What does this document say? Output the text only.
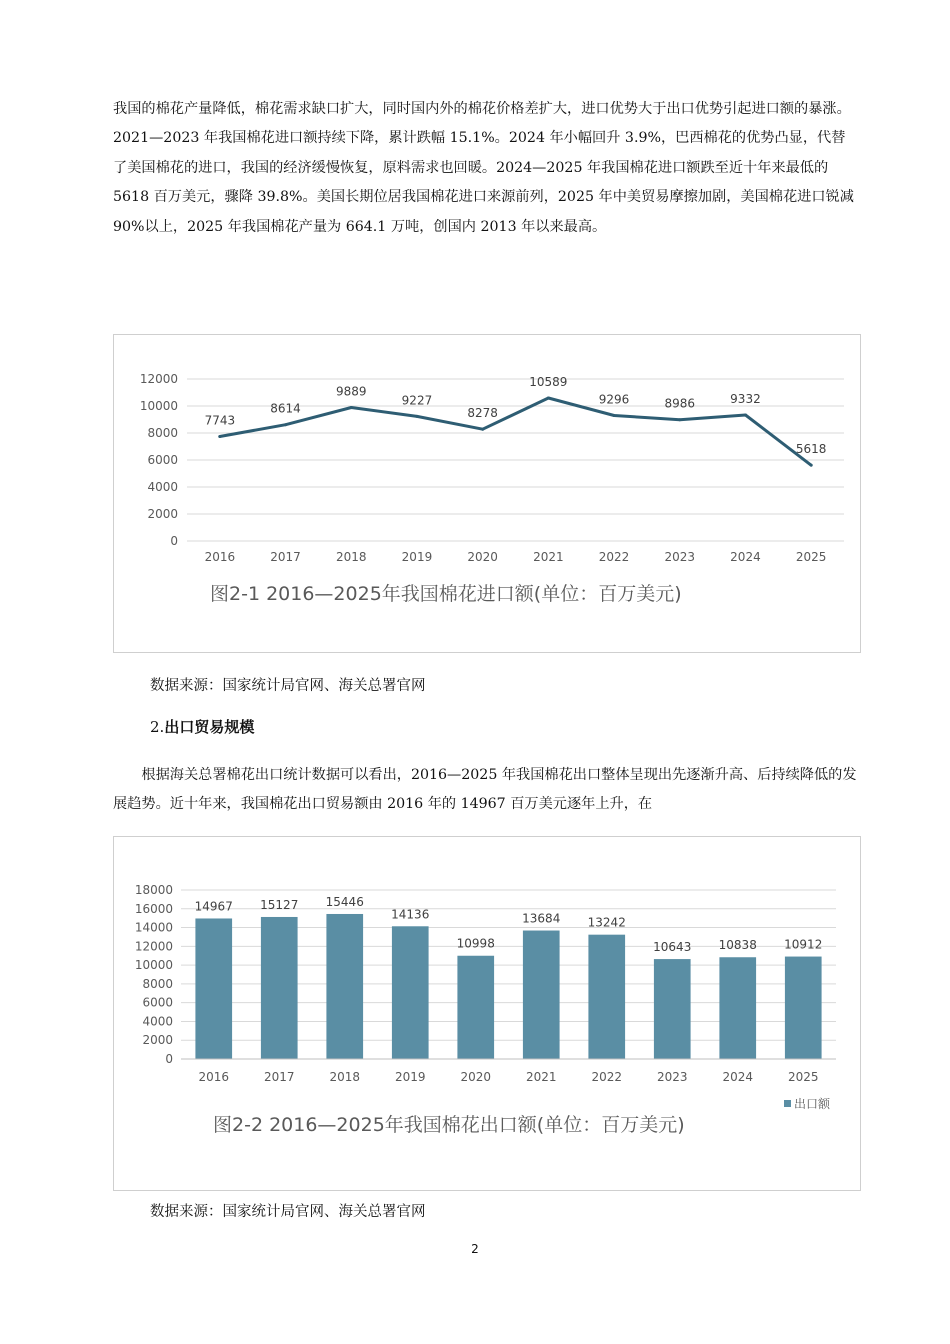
我国的棉花产量降低，棉花需求缺口扩大，同时国内外的棉花价格差扩大，进口优势大于出口优势引起进口额的暴涨。2021—2023 年我国棉花进口额持续下降，累计跌幅 15.1%。2024 年小幅回升 3.9%，巴西棉花的优势凸显，代替了美国棉花的进口，我国的经济缓慢恢复，原料需求也回暖。2024—2025 年我国棉花进口额跌至近十年来最低的 5618 百万美元，骤降 39.8%。美国长期位居我国棉花进口来源前列，2025 年中美贸易摩擦加剧，美国棉花进口锐减 90%以上，2025 年我国棉花产量为 664.1 万吨，创国内 2013 年以来最高。

0
2000
4000
6000
8000
10000
12000
7743
8614
9889
9227
8278
10589
9296	8986	9332
5618
2016	2017	2018	2019	2020	2021	2022	2023	2024	2025
图2-1 2016—2025年我国棉花进口额(单位：百万美元)
数据来源：国家统计局官网、海关总署官网
2.出口贸易规模

根据海关总署棉花出口统计数据可以看出，2016—2025 年我国棉花出口整体呈现出先逐渐升高、后持续降低的发展趋势。近十年来，我国棉花出口贸易额由 2016 年的 14967 百万美元逐年上升，在

0
2000
4000
6000
8000
10000
12000
14000
16000
18000
14967 15127 15446
14136
10998
13684 13242
10643 10838 10912
2016	2017	2018	2019	2020	2021	2022	2023	2024	2025
出口额
图2-2 2016—2025年我国棉花出口额(单位：百万美元)
数据来源：国家统计局官网、海关总署官网
2
